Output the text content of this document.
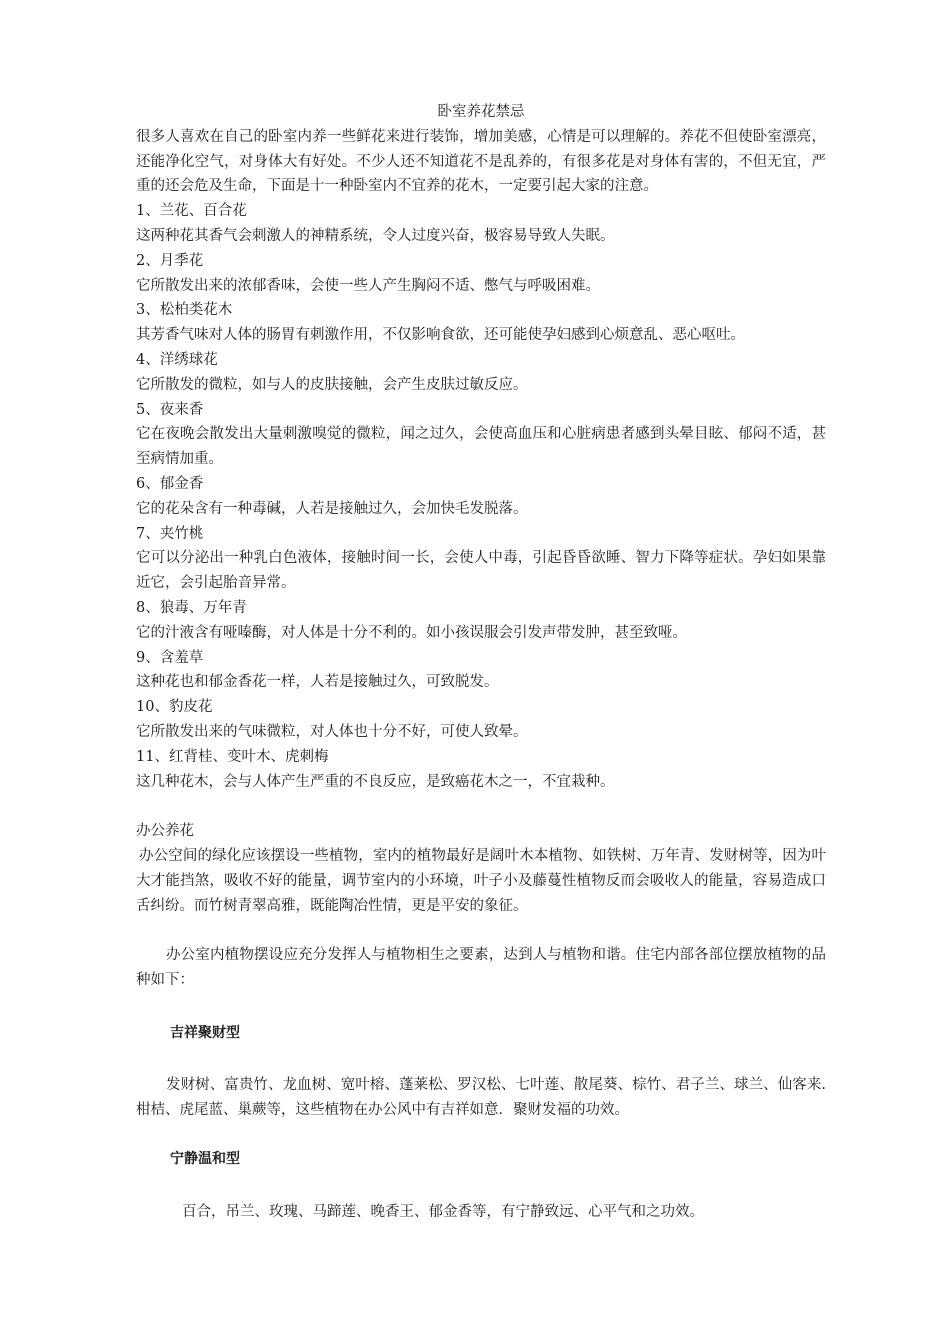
卧室养花禁忌

很多人喜欢在自己的卧室内养一些鲜花来进行装饰，增加美感，心情是可以理解的。养花不但使卧室漂亮，还能净化空气，对身体大有好处。不少人还不知道花不是乱养的，有很多花是对身体有害的，不但无宜，严重的还会危及生命，下面是十一种卧室内不宜养的花木，一定要引起大家的注意。

1、兰花、百合花

这两种花其香气会刺激人的神精系统，令人过度兴奋，极容易导致人失眠。

2、月季花

它所散发出来的浓郁香味，会使一些人产生胸闷不适、憋气与呼吸困难。

3、松柏类花木

其芳香气味对人体的肠胃有刺激作用，不仅影响食欲，还可能使孕妇感到心烦意乱、恶心呕吐。

4、洋绣球花

它所散发的微粒，如与人的皮肤接触，会产生皮肤过敏反应。

5、夜来香

它在夜晚会散发出大量刺激嗅觉的微粒，闻之过久，会使高血压和心脏病患者感到头晕目眩、郁闷不适，甚至病情加重。

6、郁金香

它的花朵含有一种毒碱，人若是接触过久，会加快毛发脱落。

7、夹竹桃

它可以分泌出一种乳白色液体，接触时间一长，会使人中毒，引起昏昏欲睡、智力下降等症状。孕妇如果靠近它，会引起胎音异常。

8、狼毒、万年青

它的汁液含有哑嗪酶，对人体是十分不利的。如小孩误服会引发声带发肿，甚至致哑。

9、含羞草

这种花也和郁金香花一样，人若是接触过久，可致脱发。

10、豹皮花

它所散发出来的气味微粒，对人体也十分不好，可使人致晕。

11、红背桂、变叶木、虎刺梅

这几种花木，会与人体产生严重的不良反应，是致癌花木之一，不宜栽种。

办公养花

办公空间的绿化应该摆设一些植物，室内的植物最好是阔叶木本植物、如铁树、万年青、发财树等，因为叶大才能挡煞，吸收不好的能量，调节室内的小环境，叶子小及藤蔓性植物反而会吸收人的能量，容易造成口舌纠纷。而竹树青翠高雅，既能陶冶性情，更是平安的象征。

办公室内植物摆设应充分发挥人与植物相生之要素，达到人与植物和谐。住宅内部各部位摆放植物的品种如下：

吉祥聚财型

发财树、富贵竹、龙血树、宽叶榕、蓬莱松、罗汉松、七叶莲、散尾葵、棕竹、君子兰、球兰、仙客来.柑桔、虎尾蓝、巢蕨等，这些植物在办公风中有吉祥如意．聚财发福的功效。

宁静温和型

百合，吊兰、玫瑰、马蹄莲、晚香王、郁金香等，有宁静致远、心平气和之功效。
